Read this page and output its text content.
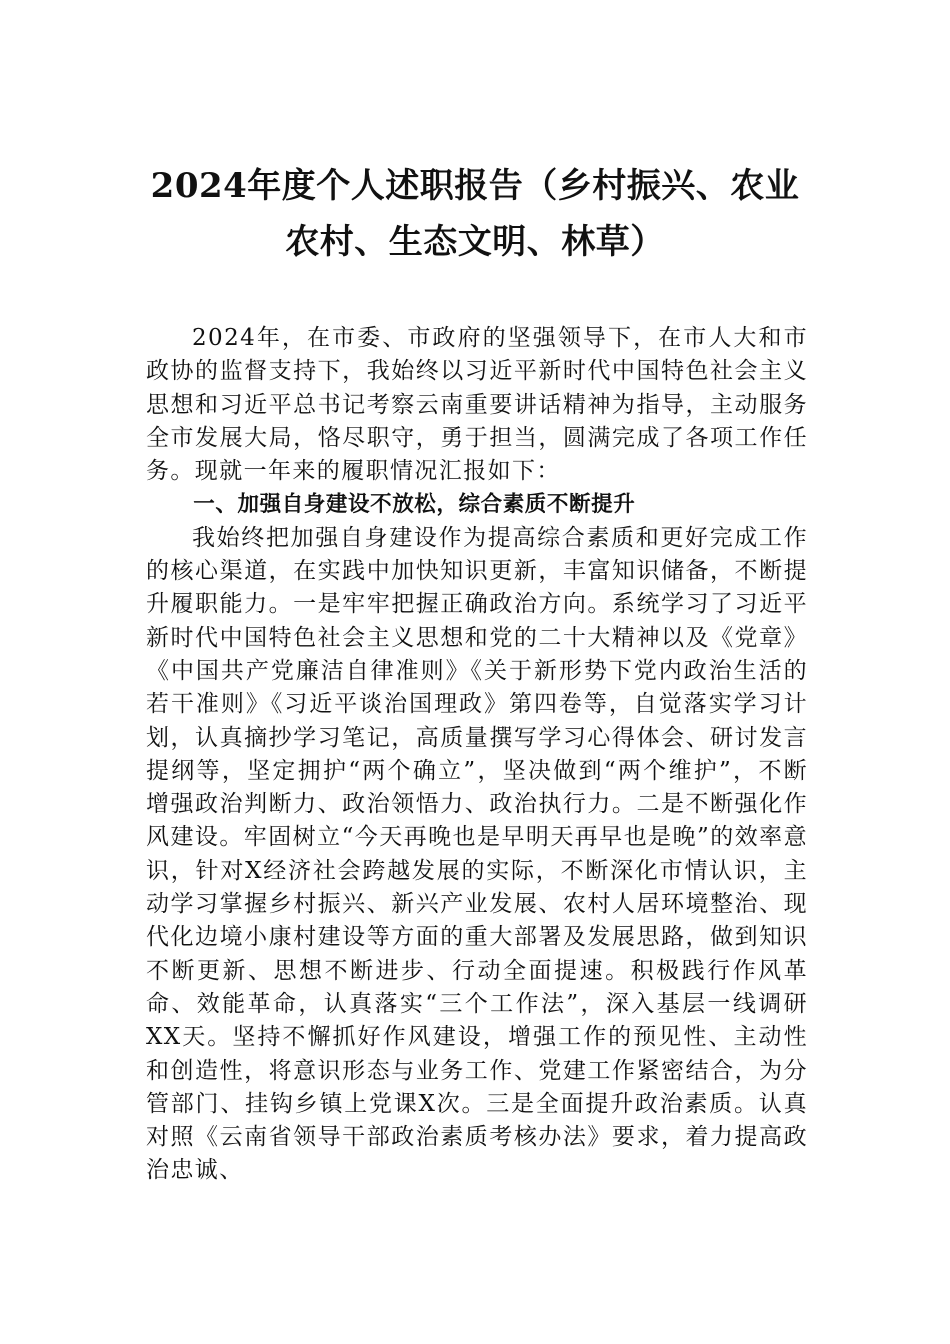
2024年度个人述职报告（乡村振兴、农业
农村、生态文明、林草）

2024年，在市委、市政府的坚强领导下，在市人大和市政协的监督支持下，我始终以习近平新时代中国特色社会主义思想和习近平总书记考察云南重要讲话精神为指导，主动服务全市发展大局，恪尽职守，勇于担当，圆满完成了各项工作任务。现就一年来的履职情况汇报如下：

一、加强自身建设不放松，综合素质不断提升

我始终把加强自身建设作为提高综合素质和更好完成工作的核心渠道，在实践中加快知识更新，丰富知识储备，不断提升履职能力。一是牢牢把握正确政治方向。系统学习了习近平新时代中国特色社会主义思想和党的二十大精神以及《党章》《中国共产党廉洁自律准则》《关于新形势下党内政治生活的若干准则》《习近平谈治国理政》第四卷等，自觉落实学习计划，认真摘抄学习笔记，高质量撰写学习心得体会、研讨发言提纲等，坚定拥护“两个确立”，坚决做到“两个维护”，不断增强政治判断力、政治领悟力、政治执行力。二是不断强化作风建设。牢固树立“今天再晚也是早明天再早也是晚”的效率意识，针对X经济社会跨越发展的实际，不断深化市情认识，主动学习掌握乡村振兴、新兴产业发展、农村人居环境整治、现代化边境小康村建设等方面的重大部署及发展思路，做到知识不断更新、思想不断进步、行动全面提速。积极践行作风革命、效能革命，认真落实“三个工作法”，深入基层一线调研XX天。坚持不懈抓好作风建设，增强工作的预见性、主动性和创造性，将意识形态与业务工作、党建工作紧密结合，为分管部门、挂钩乡镇上党课X次。三是全面提升政治素质。认真对照《云南省领导干部政治素质考核办法》要求，着力提高政治忠诚、
